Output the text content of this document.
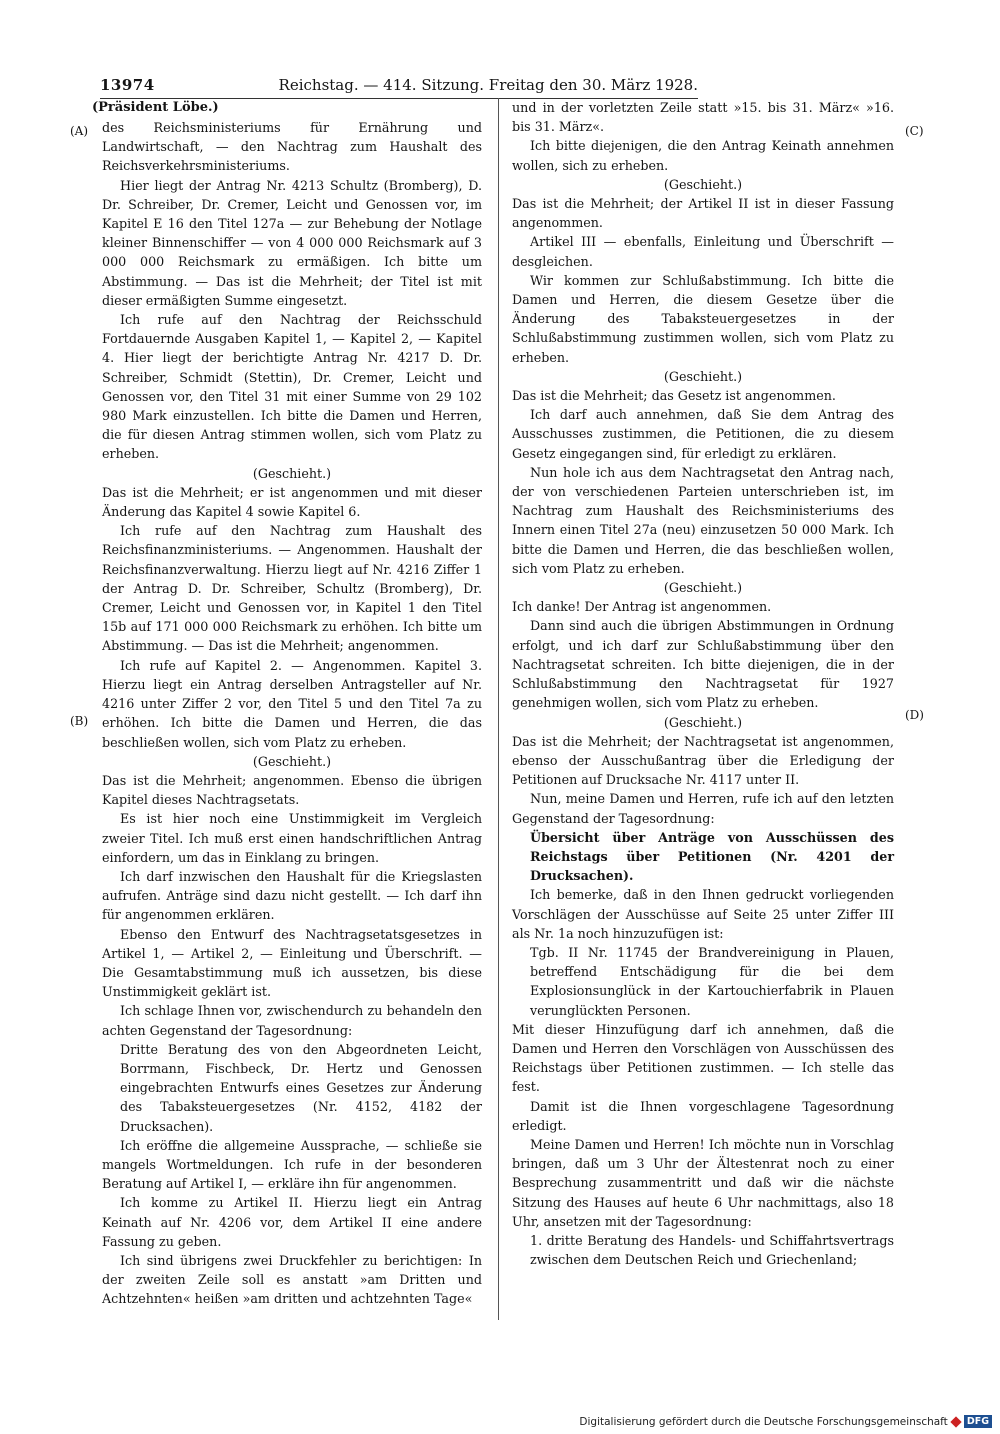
13974	Reichstag. — 414. Sitzung. Freitag den 30. März 1928.
(Präsident Löbe.)
(A)
(B)
(C)
(D)

des Reichsministeriums für Ernährung und Landwirtschaft, — den Nachtrag zum Haushalt des Reichsverkehrsministeriums.

Hier liegt der Antrag Nr. 4213 Schultz (Bromberg), D. Dr. Schreiber, Dr. Cremer, Leicht und Genossen vor, im Kapitel E 16 den Titel 127a — zur Behebung der Notlage kleiner Binnenschiffer — von 4 000 000 Reichsmark auf 3 000 000 Reichsmark zu ermäßigen. Ich bitte um Abstimmung. — Das ist die Mehrheit; der Titel ist mit dieser ermäßigten Summe eingesetzt.

Ich rufe auf den Nachtrag der Reichsschuld Fortdauernde Ausgaben Kapitel 1, — Kapitel 2, — Kapitel 4. Hier liegt der berichtigte Antrag Nr. 4217 D. Dr. Schreiber, Schmidt (Stettin), Dr. Cremer, Leicht und Genossen vor, den Titel 31 mit einer Summe von 29 102 980 Mark einzustellen. Ich bitte die Damen und Herren, die für diesen Antrag stimmen wollen, sich vom Platz zu erheben.

(Geschieht.)

Das ist die Mehrheit; er ist angenommen und mit dieser Änderung das Kapitel 4 sowie Kapitel 6.

Ich rufe auf den Nachtrag zum Haushalt des Reichsfinanzministeriums. — Angenommen. Haushalt der Reichsfinanzverwaltung. Hierzu liegt auf Nr. 4216 Ziffer 1 der Antrag D. Dr. Schreiber, Schultz (Bromberg), Dr. Cremer, Leicht und Genossen vor, in Kapitel 1 den Titel 15b auf 171 000 000 Reichsmark zu erhöhen. Ich bitte um Abstimmung. — Das ist die Mehrheit; angenommen.

Ich rufe auf Kapitel 2. — Angenommen. Kapitel 3. Hierzu liegt ein Antrag derselben Antragsteller auf Nr. 4216 unter Ziffer 2 vor, den Titel 5 und den Titel 7a zu erhöhen. Ich bitte die Damen und Herren, die das beschließen wollen, sich vom Platz zu erheben.

(Geschieht.)

Das ist die Mehrheit; angenommen. Ebenso die übrigen Kapitel dieses Nachtragsetats.

Es ist hier noch eine Unstimmigkeit im Vergleich zweier Titel. Ich muß erst einen handschriftlichen Antrag einfordern, um das in Einklang zu bringen.

Ich darf inzwischen den Haushalt für die Kriegslasten aufrufen. Anträge sind dazu nicht gestellt. — Ich darf ihn für angenommen erklären.

Ebenso den Entwurf des Nachtragsetatsgesetzes in Artikel 1, — Artikel 2, — Einleitung und Überschrift. — Die Gesamtabstimmung muß ich aussetzen, bis diese Unstimmigkeit geklärt ist.

Ich schlage Ihnen vor, zwischendurch zu behandeln den achten Gegenstand der Tagesordnung:

Dritte Beratung des von den Abgeordneten Leicht, Borrmann, Fischbeck, Dr. Hertz und Genossen eingebrachten Entwurfs eines Gesetzes zur Änderung des Tabaksteuergesetzes (Nr. 4152, 4182 der Drucksachen).

Ich eröffne die allgemeine Aussprache, — schließe sie mangels Wortmeldungen. Ich rufe in der besonderen Beratung auf Artikel I, — erkläre ihn für angenommen.

Ich komme zu Artikel II. Hierzu liegt ein Antrag Keinath auf Nr. 4206 vor, dem Artikel II eine andere Fassung zu geben.

Ich sind übrigens zwei Druckfehler zu berichtigen: In der zweiten Zeile soll es anstatt »am Dritten und Achtzehnten« heißen »am dritten und achtzehnten Tage«

und in der vorletzten Zeile statt »15. bis 31. März« »16. bis 31. März«.

Ich bitte diejenigen, die den Antrag Keinath annehmen wollen, sich zu erheben.

(Geschieht.)

Das ist die Mehrheit; der Artikel II ist in dieser Fassung angenommen.

Artikel III — ebenfalls, Einleitung und Überschrift — desgleichen.

Wir kommen zur Schlußabstimmung. Ich bitte die Damen und Herren, die diesem Gesetze über die Änderung des Tabaksteuergesetzes in der Schlußabstimmung zustimmen wollen, sich vom Platz zu erheben.

(Geschieht.)

Das ist die Mehrheit; das Gesetz ist angenommen.

Ich darf auch annehmen, daß Sie dem Antrag des Ausschusses zustimmen, die Petitionen, die zu diesem Gesetz eingegangen sind, für erledigt zu erklären.

Nun hole ich aus dem Nachtragsetat den Antrag nach, der von verschiedenen Parteien unterschrieben ist, im Nachtrag zum Haushalt des Reichsministeriums des Innern einen Titel 27a (neu) einzusetzen 50 000 Mark. Ich bitte die Damen und Herren, die das beschließen wollen, sich vom Platz zu erheben.

(Geschieht.)

Ich danke! Der Antrag ist angenommen.

Dann sind auch die übrigen Abstimmungen in Ordnung erfolgt, und ich darf zur Schlußabstimmung über den Nachtragsetat schreiten. Ich bitte diejenigen, die in der Schlußabstimmung den Nachtragsetat für 1927 genehmigen wollen, sich vom Platz zu erheben.

(Geschieht.)

Das ist die Mehrheit; der Nachtragsetat ist angenommen, ebenso der Ausschußantrag über die Erledigung der Petitionen auf Drucksache Nr. 4117 unter II.

Nun, meine Damen und Herren, rufe ich auf den letzten Gegenstand der Tagesordnung:

Übersicht über Anträge von Ausschüssen des Reichstags über Petitionen (Nr. 4201 der Drucksachen).

Ich bemerke, daß in den Ihnen gedruckt vorliegenden Vorschlägen der Ausschüsse auf Seite 25 unter Ziffer III als Nr. 1a noch hinzuzufügen ist:

Tgb. II Nr. 11745 der Brandvereinigung in Plauen, betreffend Entschädigung für die bei dem Explosionsunglück in der Kartouchierfabrik in Plauen verunglückten Personen.

Mit dieser Hinzufügung darf ich annehmen, daß die Damen und Herren den Vorschlägen von Ausschüssen des Reichstags über Petitionen zustimmen. — Ich stelle das fest.

Damit ist die Ihnen vorgeschlagene Tagesordnung erledigt.

Meine Damen und Herren! Ich möchte nun in Vorschlag bringen, daß um 3 Uhr der Ältestenrat noch zu einer Besprechung zusammentritt und daß wir die nächste Sitzung des Hauses auf heute 6 Uhr nachmittags, also 18 Uhr, ansetzen mit der Tagesordnung:

1. dritte Beratung des Handels- und Schiffahrtsvertrags zwischen dem Deutschen Reich und Griechenland;

Digitalisierung gefördert durch die Deutsche Forschungsgemeinschaft	DFG
